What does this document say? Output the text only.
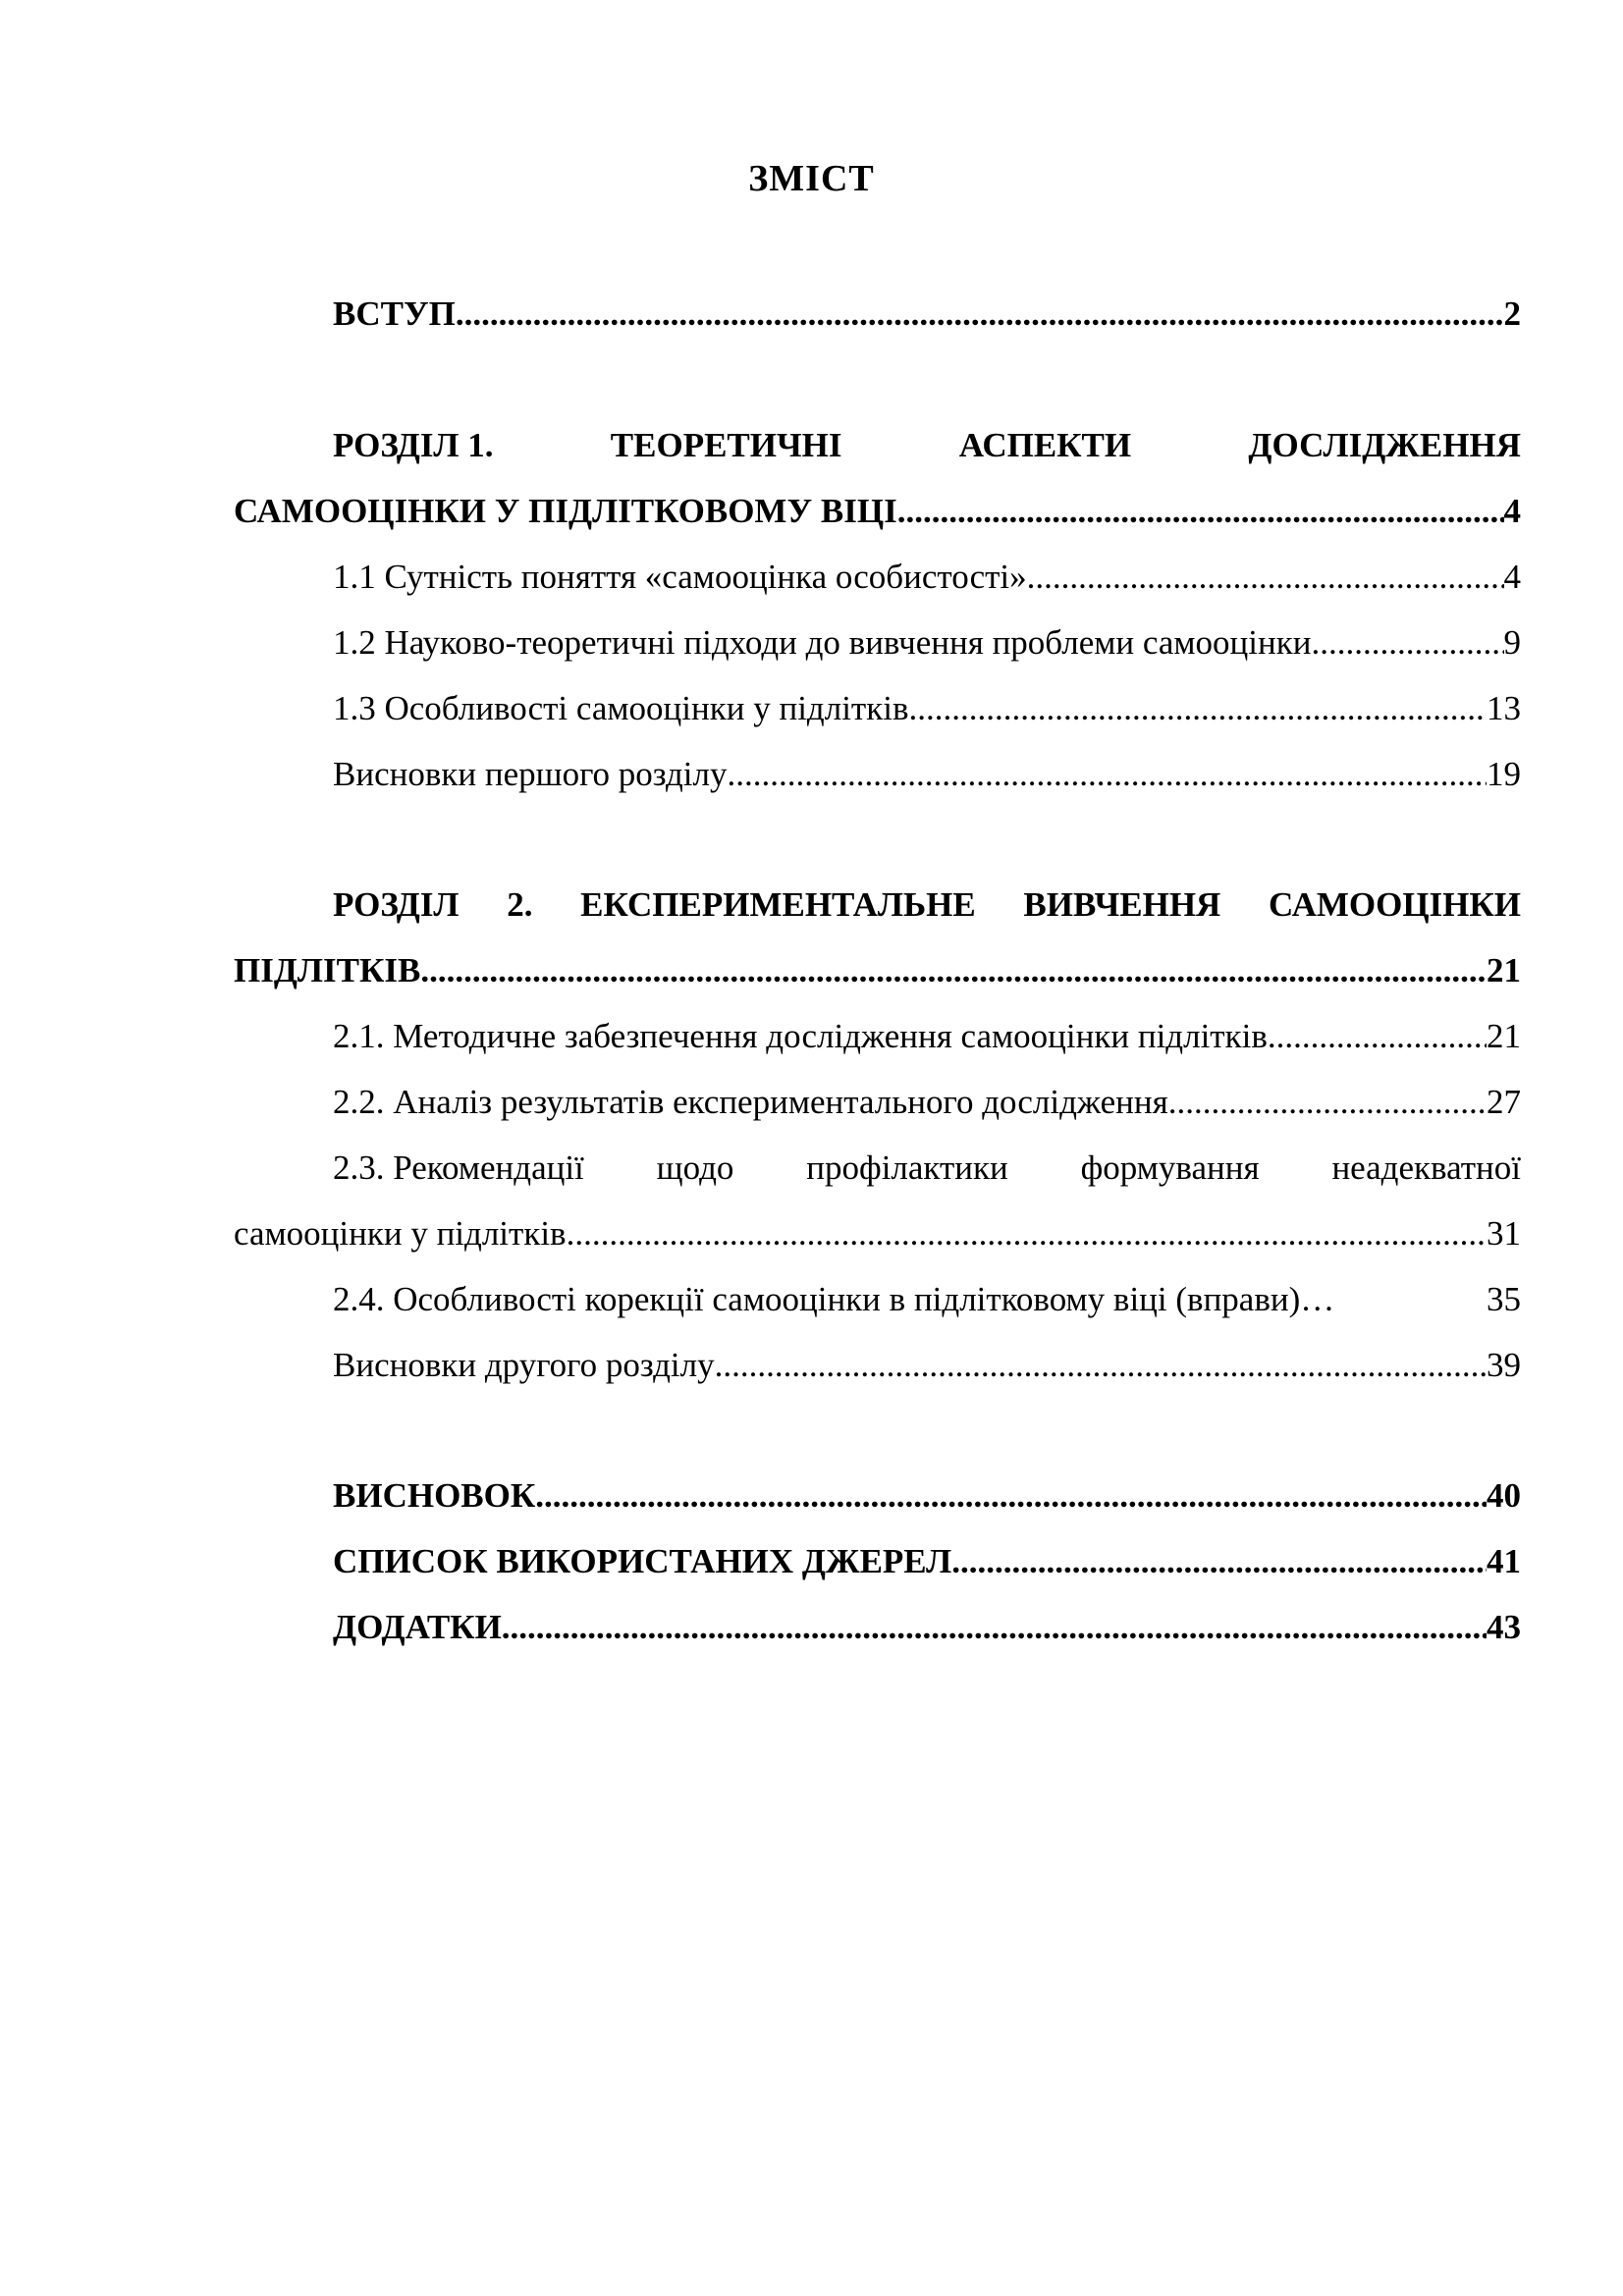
ЗМІСТ
ВСТУП .....	2
РОЗДІЛ 1.	ТЕОРЕТИЧНІ	АСПЕКТИ	ДОСЛІДЖЕННЯ
САМООЦІНКИ У ПІДЛІТКОВОМУ ВІЦІ .....	4
1.1 Сутність поняття «самооцінка особистості» .....	4
1.2 Науково-теоретичні підходи до вивчення проблеми самооцінки .....	9
1.3 Особливості самооцінки у підлітків .....	13
Висновки першого розділу .....	19
РОЗДІЛ 2. ЕКСПЕРИМЕНТАЛЬНЕ ВИВЧЕННЯ САМООЦІНКИ
ПІДЛІТКІВ .....	21
2.1. Методичне забезпечення дослідження самооцінки підлітків .....	21
2.2. Аналіз результатів експериментального дослідження .....	27
2.3. Рекомендації щодо профілактики формування неадекватної
самооцінки у підлітків .....	31
2.4. Особливості корекції самооцінки в підлітковому віці (вправи)…	35
Висновки другого розділу .....	39
ВИСНОВОК .....	40
СПИСОК ВИКОРИСТАНИХ ДЖЕРЕЛ .....	41
ДОДАТКИ .....	43
